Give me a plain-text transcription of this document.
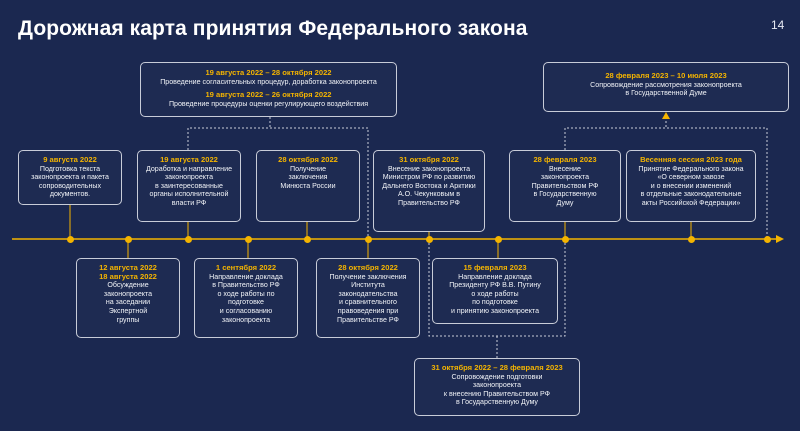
Дорожная карта принятия Федерального закона	14
19 августа 2022 – 28 октября 2022
Проведение согласительных процедур, доработка законопроекта
19 августа 2022 – 26 октября 2022
Проведение процедуры оценки регулирующего воздействия
28 февраля 2023 – 10 июля 2023
Сопровождение рассмотрения законопроекта
в Государственной Думе
9 августа 2022
Подготовка текста
законопроекта и пакета
сопроводительных
документов.
19 августа 2022
Доработка и направление
законопроекта
в заинтересованные
органы исполнительной
власти РФ
28 октября 2022
Получение
заключения
Минюста России
31 октября 2022
Внесение законопроекта
Министром РФ по развитию
Дальнего Востока и Арктики
А.О. Чекунковым в
Правительство РФ
28 февраля 2023
Внесение
законопроекта
Правительством РФ
в Государственную
Думу
Весенняя сессия 2023 года
Принятие Федерального закона
«О северном завозе
и о внесении изменений
в отдельные законодательные
акты Российской Федерации»
12 августа 2022
18 августа 2022
Обсуждение
законопроекта
на заседании
Экспертной
группы
1 сентября 2022
Направление доклада
в Правительство РФ
о ходе работы по
подготовке
и согласованию
законопроекта
28 октября 2022
Получение заключения
Института
законодательства
и сравнительного
правоведения при
Правительстве РФ
15 февраля 2023
Направление доклада
Президенту РФ В.В. Путину
о ходе работы
по подготовке
и принятию законопроекта
31 октября 2022 – 28 февраля 2023
Сопровождение подготовки
законопроекта
к внесению Правительством РФ
в Государственную Думу
